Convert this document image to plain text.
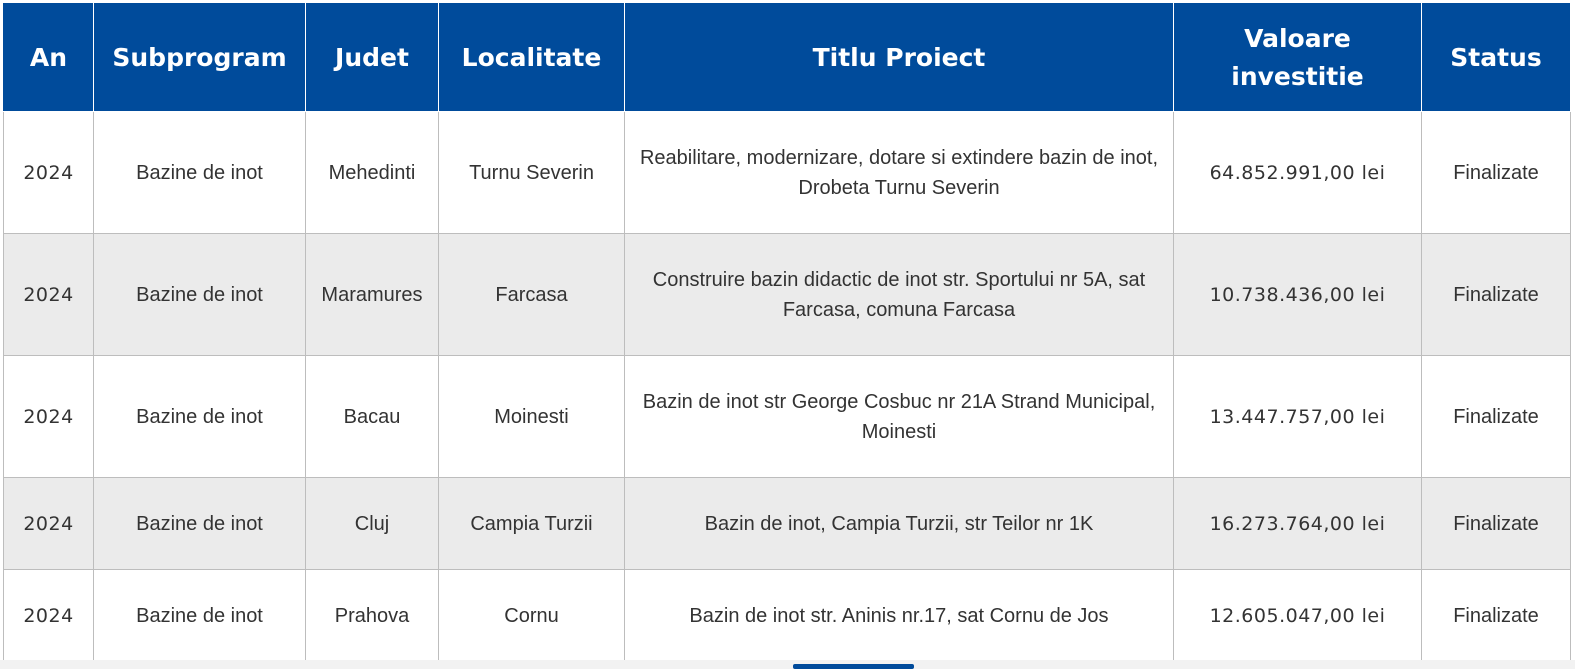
An	Subprogram	Judet	Localitate	Titlu Proiect	Valoare investitie	Status
2024	Bazine de inot	Mehedinti	Turnu Severin	Reabilitare, modernizare, dotare si extindere bazin de inot, Drobeta Turnu Severin	64.852.991,00 lei	Finalizate
2024	Bazine de inot	Maramures	Farcasa	Construire bazin didactic de inot str. Sportului nr 5A, sat Farcasa, comuna Farcasa	10.738.436,00 lei	Finalizate
2024	Bazine de inot	Bacau	Moinesti	Bazin de inot str George Cosbuc nr 21A Strand Municipal, Moinesti	13.447.757,00 lei	Finalizate
2024	Bazine de inot	Cluj	Campia Turzii	Bazin de inot, Campia Turzii, str Teilor nr 1K	16.273.764,00 lei	Finalizate
2024	Bazine de inot	Prahova	Cornu	Bazin de inot str. Aninis nr.17, sat Cornu de Jos	12.605.047,00 lei	Finalizate
